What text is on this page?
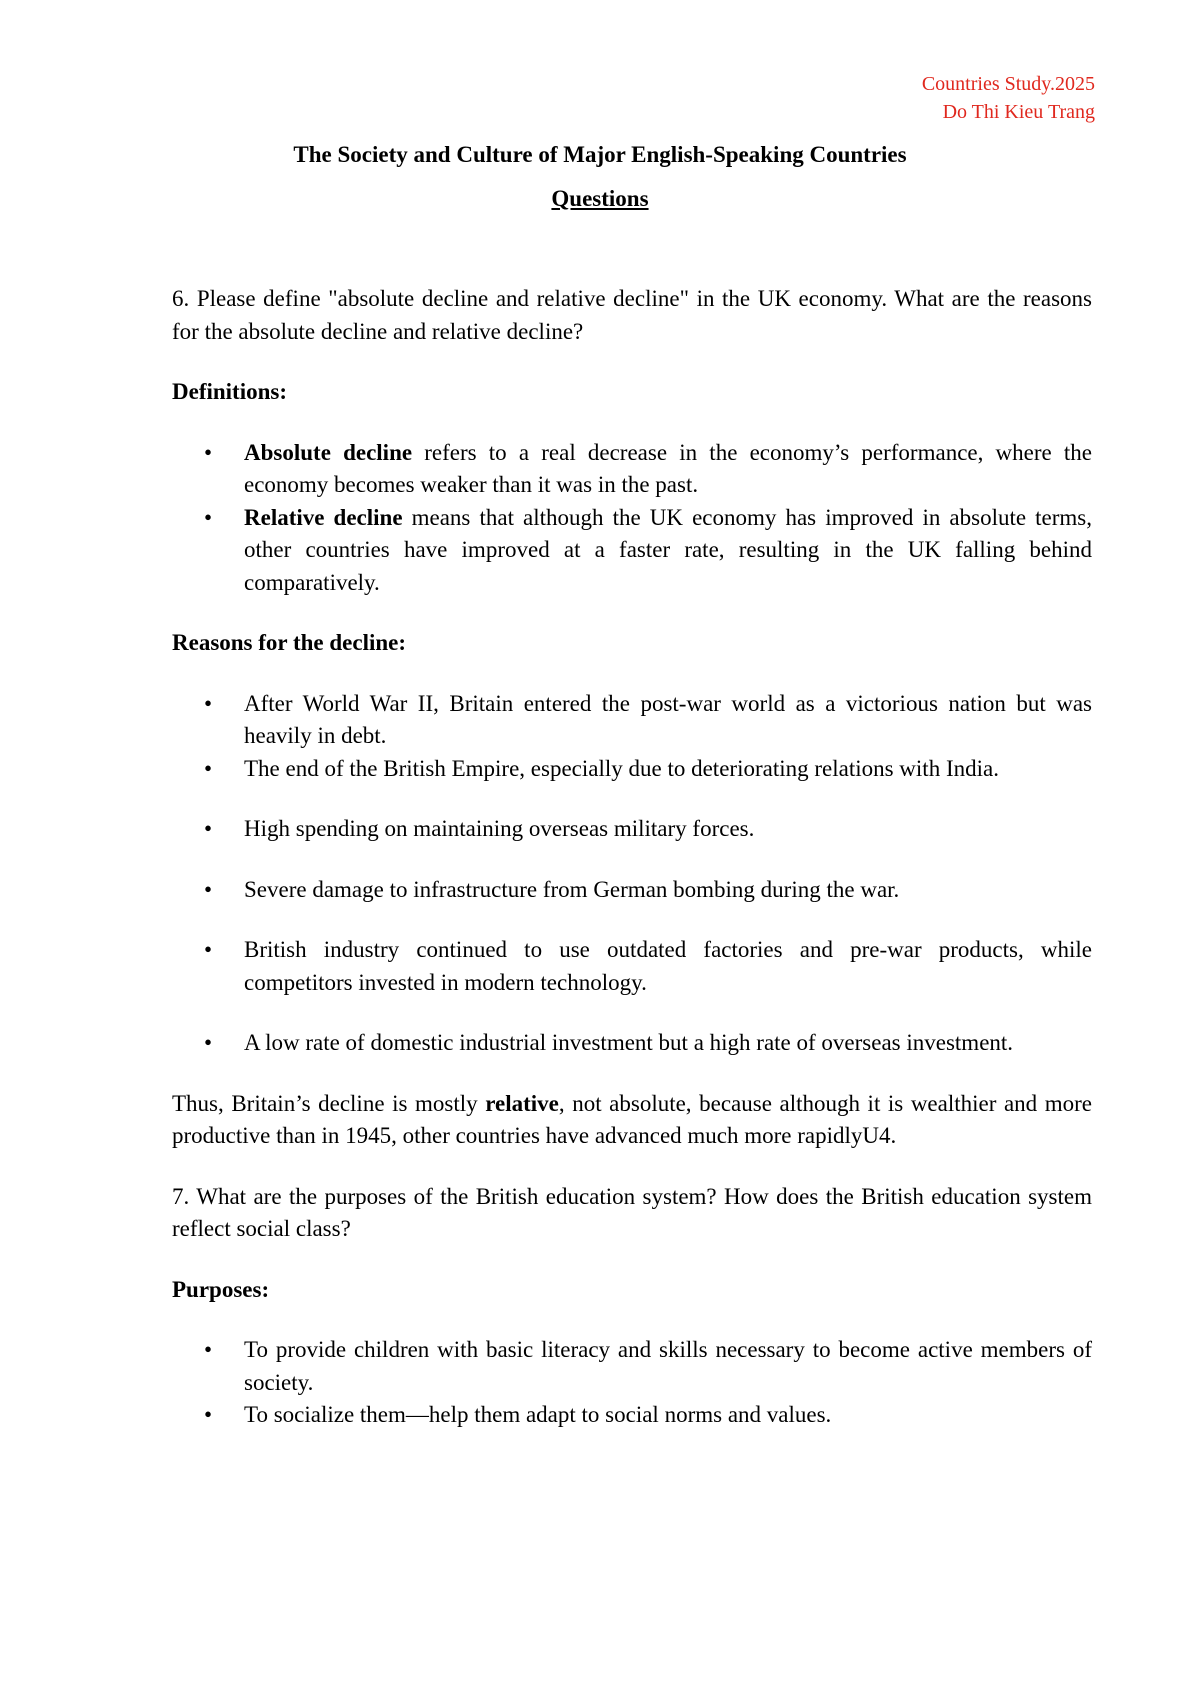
Countries Study.2025
Do Thi Kieu Trang
The Society and Culture of Major English-Speaking Countries
Questions

6. Please define "absolute decline and relative decline" in the UK economy. What are the reasons for the absolute decline and relative decline?

Definitions:

• Absolute decline refers to a real decrease in the economy’s performance, where the economy becomes weaker than it was in the past.
• Relative decline means that although the UK economy has improved in absolute terms, other countries have improved at a faster rate, resulting in the UK falling behind comparatively.

Reasons for the decline:

• After World War II, Britain entered the post-war world as a victorious nation but was heavily in debt.
• The end of the British Empire, especially due to deteriorating relations with India.
• High spending on maintaining overseas military forces.
• Severe damage to infrastructure from German bombing during the war.
• British industry continued to use outdated factories and pre-war products, while competitors invested in modern technology.
• A low rate of domestic industrial investment but a high rate of overseas investment.

Thus, Britain’s decline is mostly relative, not absolute, because although it is wealthier and more productive than in 1945, other countries have advanced much more rapidlyU4.

7. What are the purposes of the British education system? How does the British education system reflect social class?

Purposes:

• To provide children with basic literacy and skills necessary to become active members of society.
• To socialize them—help them adapt to social norms and values.
